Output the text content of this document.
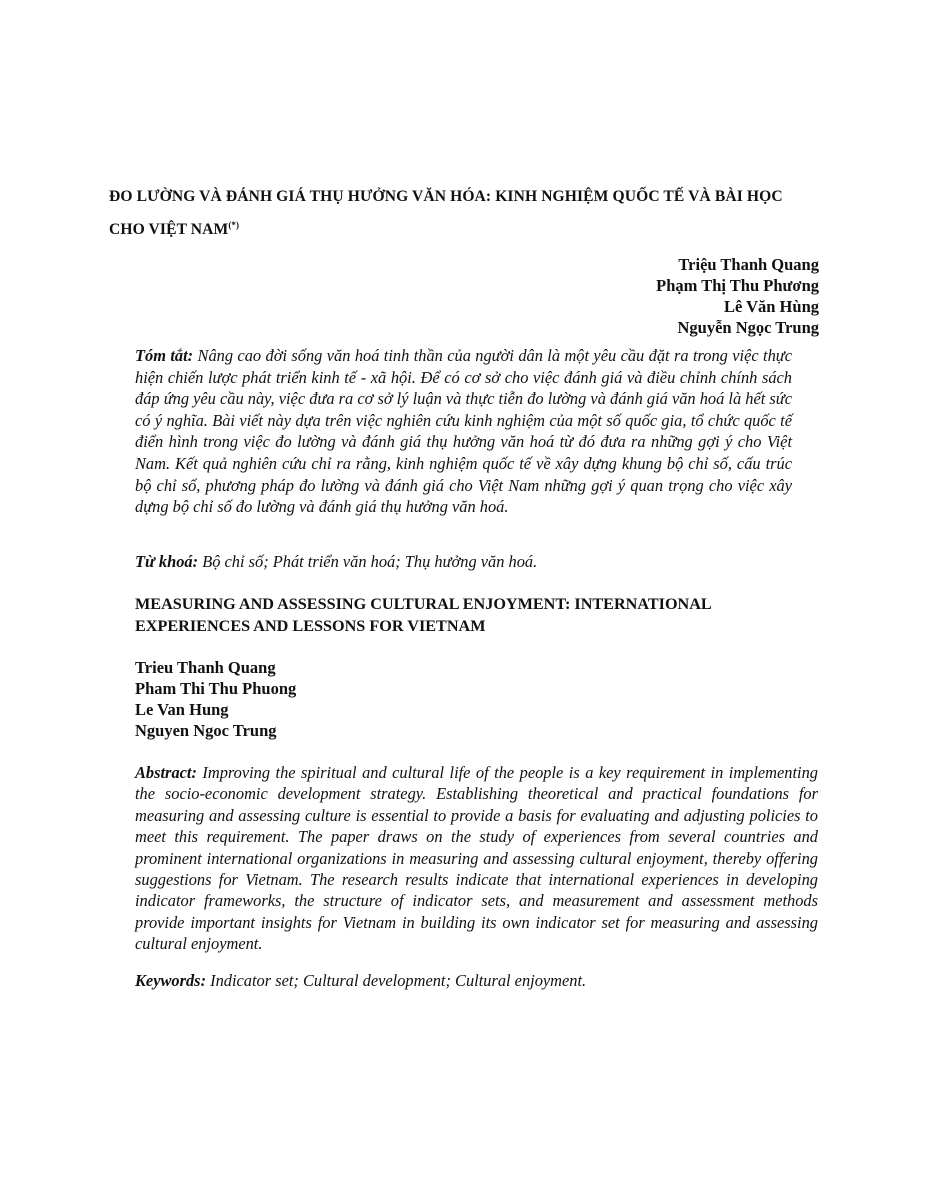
ĐO LƯỜNG VÀ ĐÁNH GIÁ THỤ HƯỞNG VĂN HÓA: KINH NGHIỆM QUỐC TẾ VÀ BÀI HỌC CHO VIỆT NAM(*)
Triệu Thanh Quang
Phạm Thị Thu Phương
Lê Văn Hùng
Nguyễn Ngọc Trung

Tóm tắt: Nâng cao đời sống văn hoá tinh thần của người dân là một yêu cầu đặt ra trong việc thực hiện chiến lược phát triển kinh tế - xã hội. Để có cơ sở cho việc đánh giá và điều chỉnh chính sách đáp ứng yêu cầu này, việc đưa ra cơ sở lý luận và thực tiễn đo lường và đánh giá văn hoá là hết sức có ý nghĩa. Bài viết này dựa trên việc nghiên cứu kinh nghiệm của một số quốc gia, tổ chức quốc tế điển hình trong việc đo lường và đánh giá thụ hưởng văn hoá từ đó đưa ra những gợi ý cho Việt Nam. Kết quả nghiên cứu chỉ ra rằng, kinh nghiệm quốc tế về xây dựng khung bộ chỉ số, cấu trúc bộ chỉ số, phương pháp đo lường và đánh giá cho Việt Nam những gợi ý quan trọng cho việc xây dựng bộ chỉ số đo lường và đánh giá thụ hưởng văn hoá.

Từ khoá: Bộ chỉ số; Phát triển văn hoá; Thụ hưởng văn hoá.

MEASURING AND ASSESSING CULTURAL ENJOYMENT: INTERNATIONAL EXPERIENCES AND LESSONS FOR VIETNAM

Trieu Thanh Quang
Pham Thi Thu Phuong
Le Van Hung
Nguyen Ngoc Trung

Abstract: Improving the spiritual and cultural life of the people is a key requirement in implementing the socio-economic development strategy. Establishing theoretical and practical foundations for measuring and assessing culture is essential to provide a basis for evaluating and adjusting policies to meet this requirement. The paper draws on the study of experiences from several countries and prominent international organizations in measuring and assessing cultural enjoyment, thereby offering suggestions for Vietnam. The research results indicate that international experiences in developing indicator frameworks, the structure of indicator sets, and measurement and assessment methods provide important insights for Vietnam in building its own indicator set for measuring and assessing cultural enjoyment.

Keywords: Indicator set; Cultural development; Cultural enjoyment.
